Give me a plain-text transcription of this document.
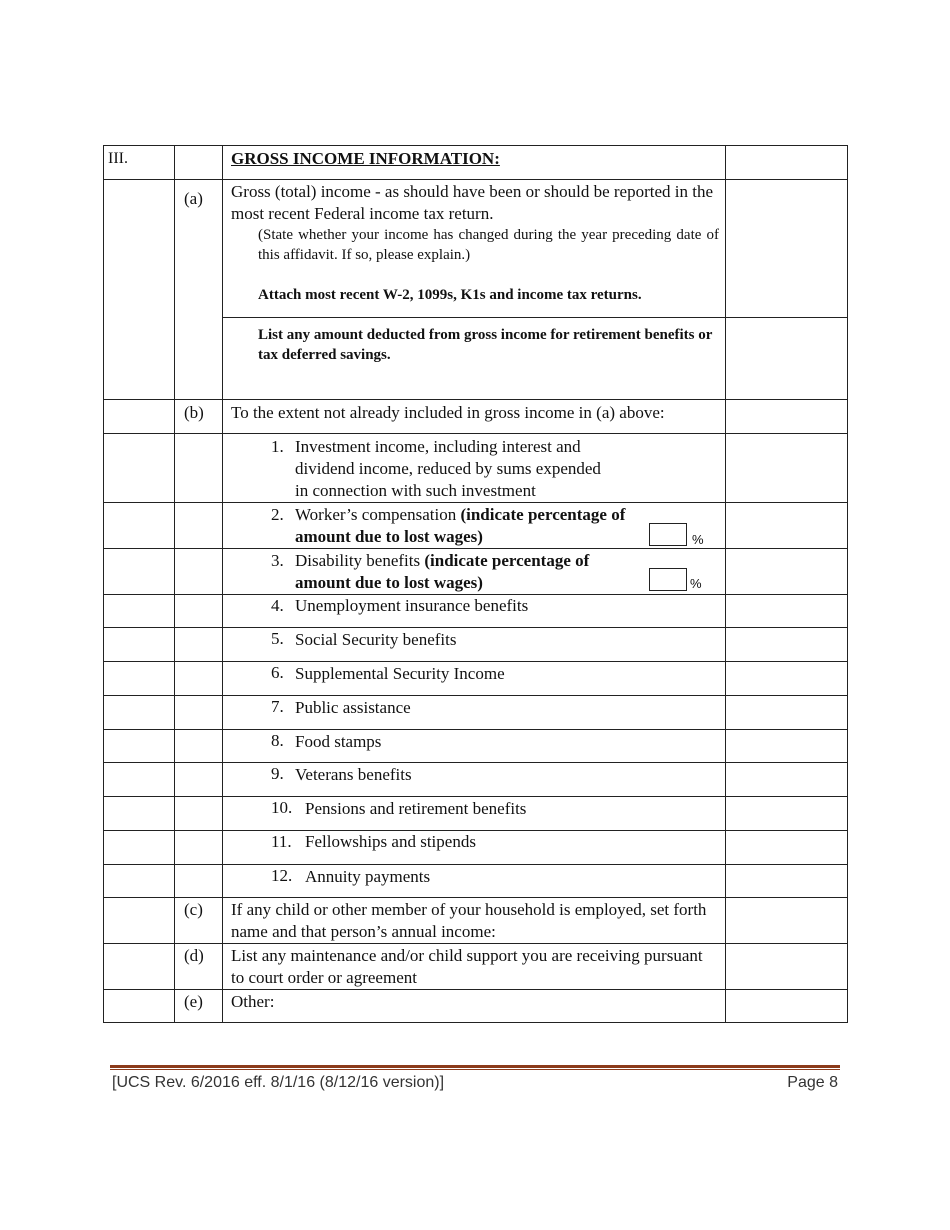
III.		GROSS INCOME INFORMATION:	

	(a)	Gross (total) income - as should have been or should be reported in the most recent Federal income tax return.
(State whether your income has changed during the year preceding date of this affidavit. If so, please explain.)
Attach most recent W-2, 1099s, K1s and income tax returns.
List any amount deducted from gross income for retirement benefits or tax deferred savings.	

	(b)	To the extent not already included in gross income in (a) above:	

		1. Investment income, including interest and
dividend income, reduced by sums expended
in connection with such investment	

		2. Worker’s compensation (indicate percentage of
amount due to lost wages) %	

		3. Disability benefits (indicate percentage of
amount due to lost wages) %	

		4. Unemployment insurance benefits	

		5. Social Security benefits	

		6. Supplemental Security Income	

		7. Public assistance	

		8. Food stamps	

		9. Veterans benefits	

		10. Pensions and retirement benefits	

		11. Fellowships and stipends	

		12. Annuity payments	

	(c)	If any child or other member of your household is employed, set forth name and that person’s annual income:	

	(d)	List any maintenance and/or child support you are receiving pursuant to court order or agreement	

	(e)	Other:	

[UCS Rev. 6/2016 eff. 8/1/16 (8/12/16 version)]	Page 8
